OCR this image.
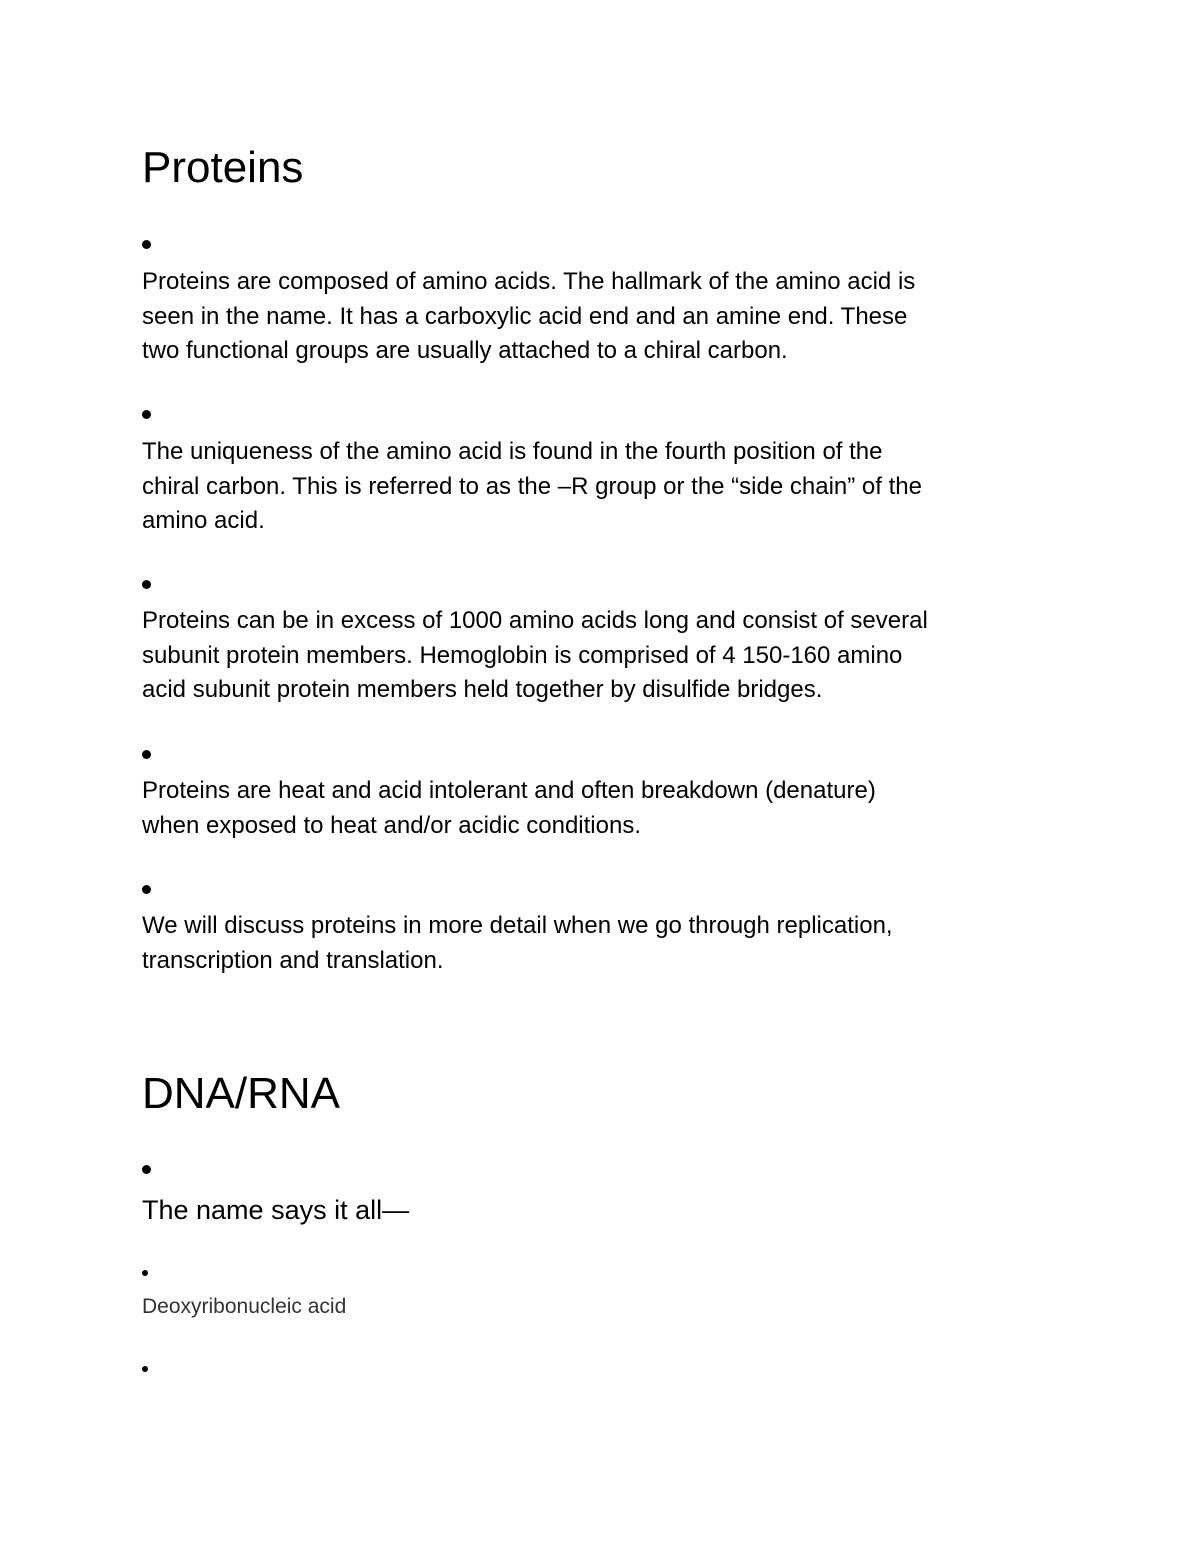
Proteins

Proteins are composed of amino acids. The hallmark of the amino acid is
seen in the name. It has a carboxylic acid end and an amine end. These
two functional groups are usually attached to a chiral carbon.

The uniqueness of the amino acid is found in the fourth position of the
chiral carbon. This is referred to as the –R group or the “side chain” of the
amino acid.

Proteins can be in excess of 1000 amino acids long and consist of several
subunit protein members. Hemoglobin is comprised of 4 150-160 amino
acid subunit protein members held together by disulfide bridges.

Proteins are heat and acid intolerant and often breakdown (denature)
when exposed to heat and/or acidic conditions.

We will discuss proteins in more detail when we go through replication,
transcription and translation.

DNA/RNA

The name says it all—

Deoxyribonucleic acid
